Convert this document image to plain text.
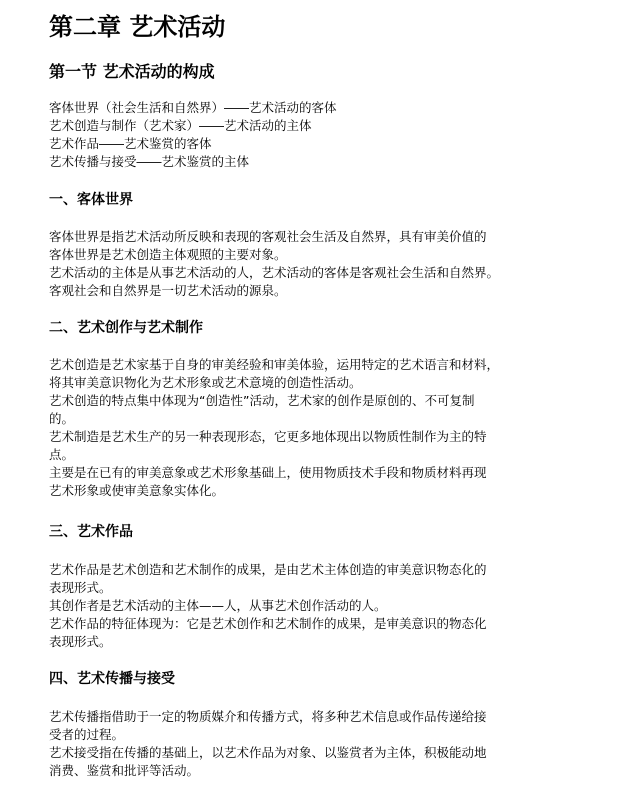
第二章 艺术活动
第一节 艺术活动的构成

客体世界（社会生活和自然界）――艺术活动的客体

艺术创造与制作（艺术家）――艺术活动的主体

艺术作品――艺术鉴赏的客体

艺术传播与接受――艺术鉴赏的主体

一、客体世界

客体世界是指艺术活动所反映和表现的客观社会生活及自然界，具有审美价值的

客体世界是艺术创造主体观照的主要对象。

艺术活动的主体是从事艺术活动的人，艺术活动的客体是客观社会生活和自然界。

客观社会和自然界是一切艺术活动的源泉。

二、艺术创作与艺术制作

艺术创造是艺术家基于自身的审美经验和审美体验，运用特定的艺术语言和材料，

将其审美意识物化为艺术形象或艺术意境的创造性活动。

艺术创造的特点集中体现为“创造性”活动，艺术家的创作是原创的、不可复制

的。

艺术制造是艺术生产的另一种表现形态，它更多地体现出以物质性制作为主的特

点。

主要是在已有的审美意象或艺术形象基础上，使用物质技术手段和物质材料再现

艺术形象或使审美意象实体化。

三、艺术作品

艺术作品是艺术创造和艺术制作的成果，是由艺术主体创造的审美意识物态化的

表现形式。

其创作者是艺术活动的主体——人，从事艺术创作活动的人。

艺术作品的特征体现为：它是艺术创作和艺术制作的成果，是审美意识的物态化

表现形式。

四、艺术传播与接受

艺术传播指借助于一定的物质媒介和传播方式，将多种艺术信息或作品传递给接

受者的过程。

艺术接受指在传播的基础上，以艺术作品为对象、以鉴赏者为主体，积极能动地

消费、鉴赏和批评等活动。
